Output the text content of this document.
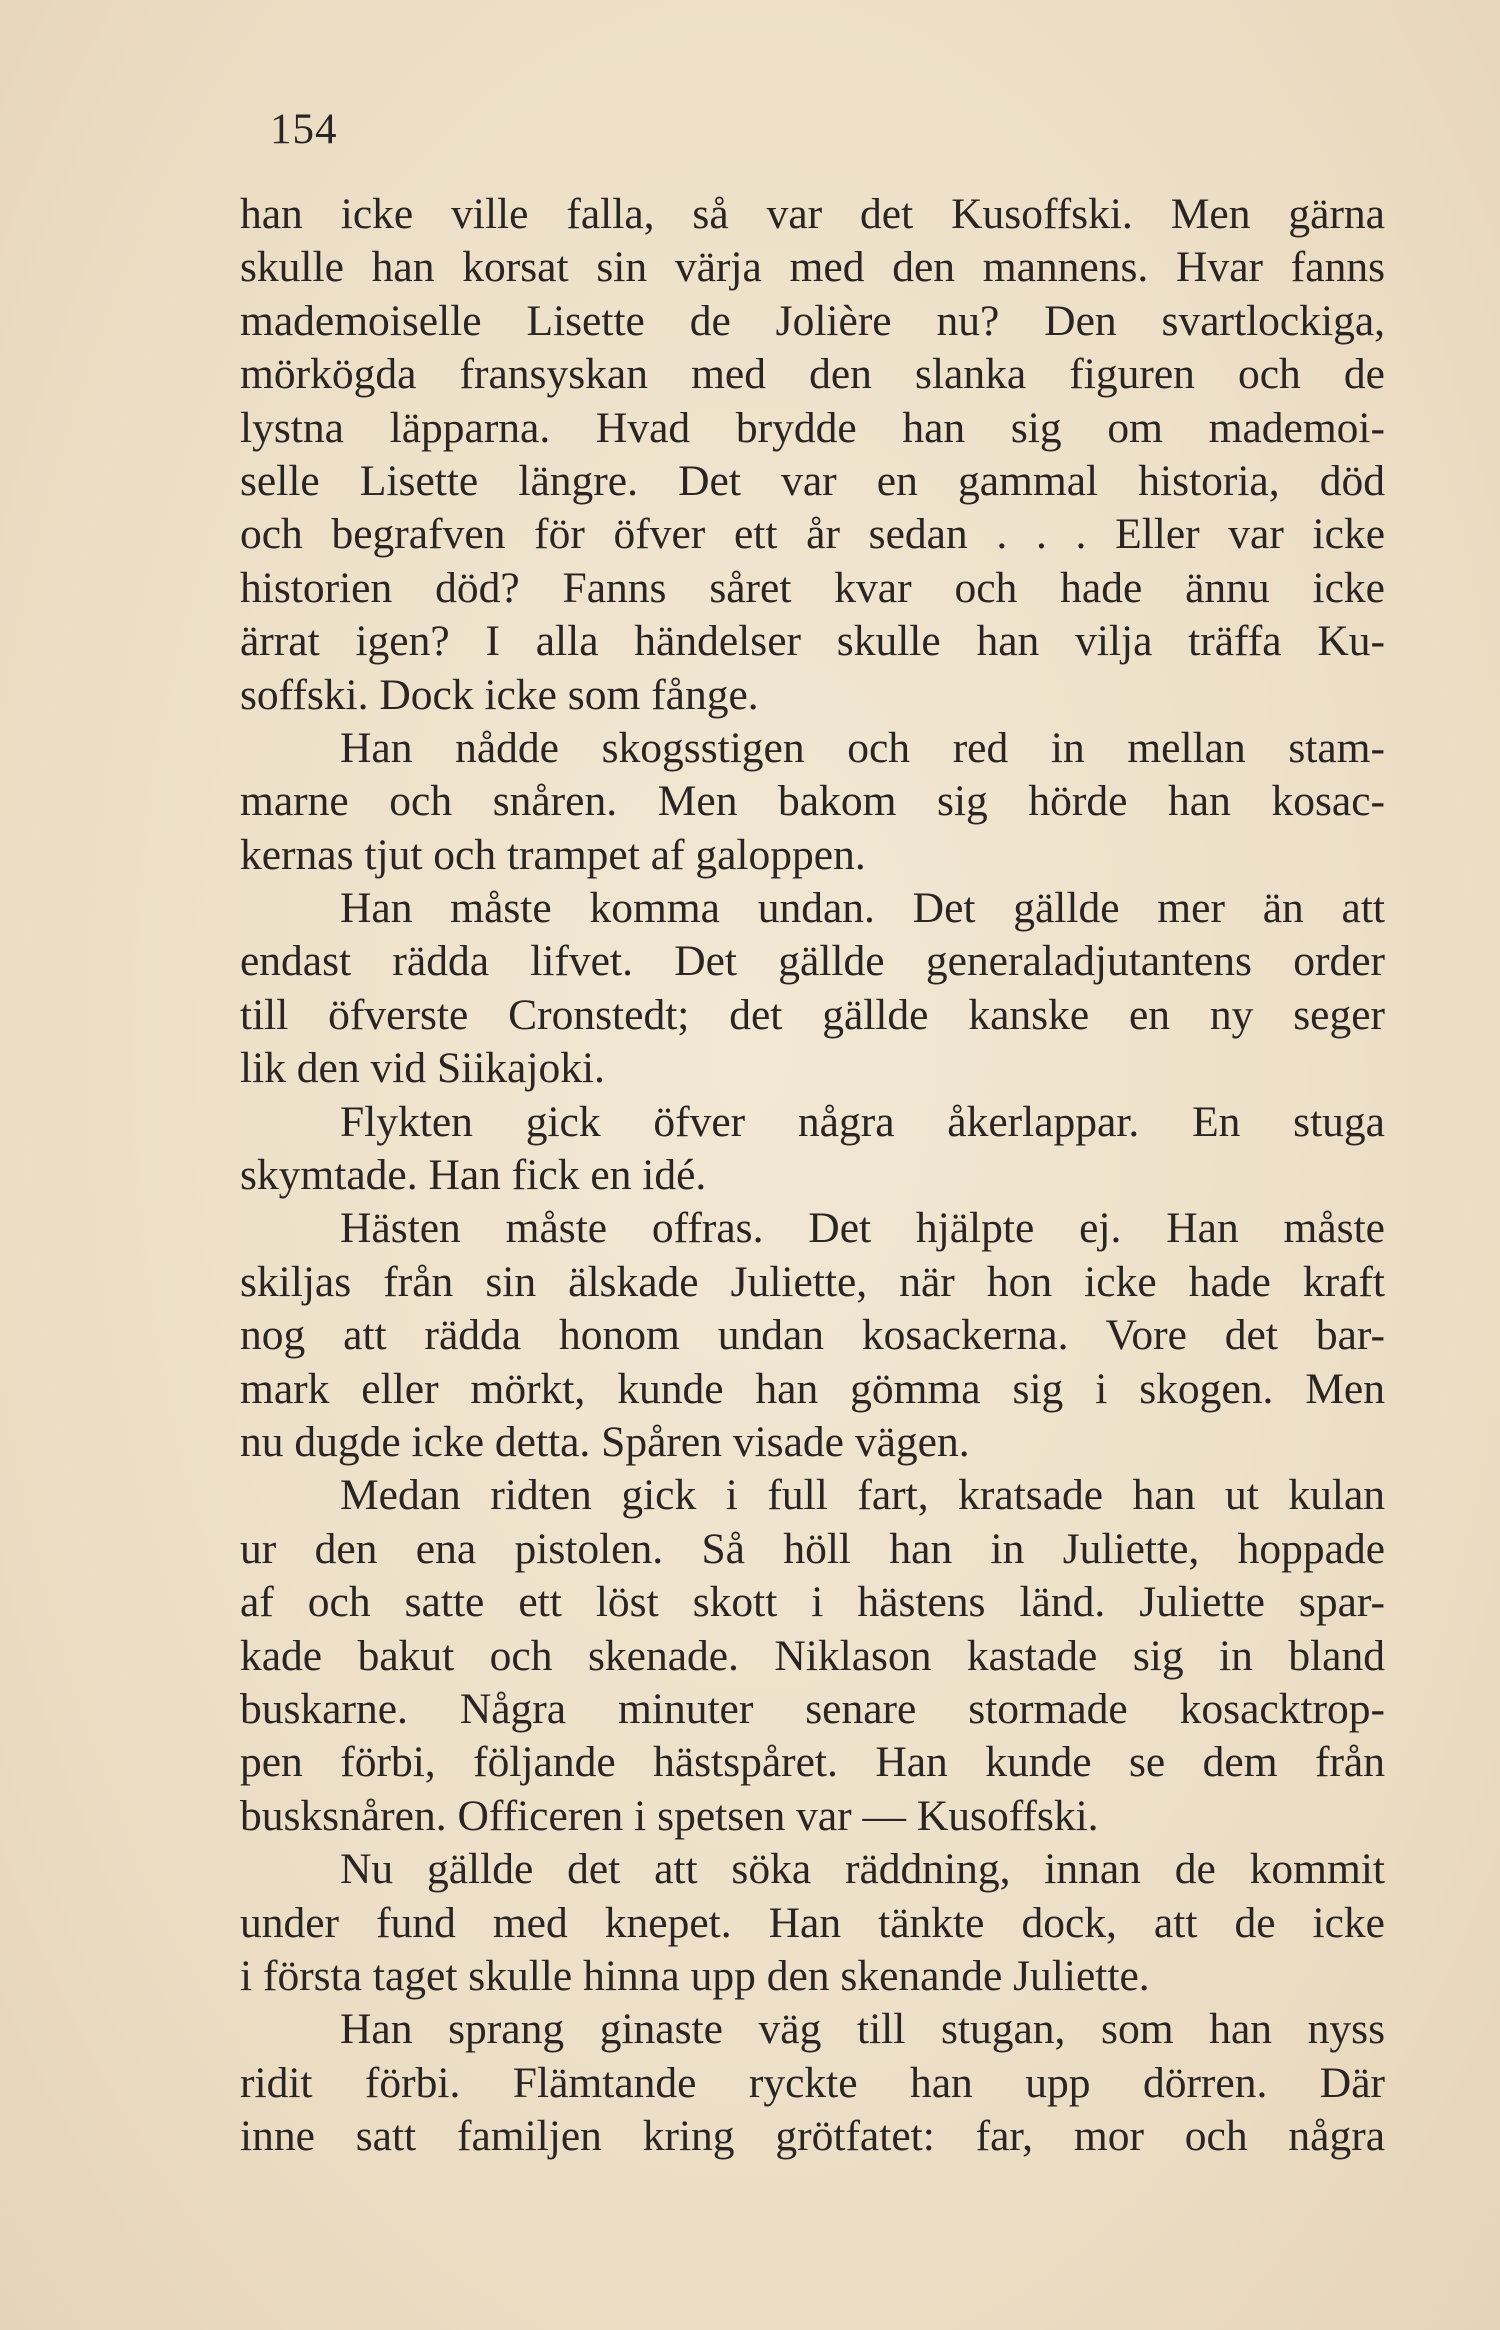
154
han icke ville falla, så var det Kusoffski. Men gärna
skulle han korsat sin värja med den mannens. Hvar fanns
mademoiselle Lisette de Jolière nu? Den svartlockiga,
mörkögda fransyskan med den slanka figuren och de
lystna läpparna. Hvad brydde han sig om mademoi-
selle Lisette längre. Det var en gammal historia, död
och begrafven för öfver ett år sedan . . . Eller var icke
historien död? Fanns såret kvar och hade ännu icke
ärrat igen? I alla händelser skulle han vilja träffa Ku-
soffski. Dock icke som fånge.
Han nådde skogsstigen och red in mellan stam-
marne och snåren. Men bakom sig hörde han kosac-
kernas tjut och trampet af galoppen.
Han måste komma undan. Det gällde mer än att
endast rädda lifvet. Det gällde generaladjutantens order
till öfverste Cronstedt; det gällde kanske en ny seger
lik den vid Siikajoki.
Flykten gick öfver några åkerlappar. En stuga
skymtade. Han fick en idé.
Hästen måste offras. Det hjälpte ej. Han måste
skiljas från sin älskade Juliette, när hon icke hade kraft
nog att rädda honom undan kosackerna. Vore det bar-
mark eller mörkt, kunde han gömma sig i skogen. Men
nu dugde icke detta. Spåren visade vägen.
Medan ridten gick i full fart, kratsade han ut kulan
ur den ena pistolen. Så höll han in Juliette, hoppade
af och satte ett löst skott i hästens länd. Juliette spar-
kade bakut och skenade. Niklason kastade sig in bland
buskarne. Några minuter senare stormade kosacktrop-
pen förbi, följande hästspåret. Han kunde se dem från
busksnåren. Officeren i spetsen var — Kusoffski.
Nu gällde det att söka räddning, innan de kommit
under fund med knepet. Han tänkte dock, att de icke
i första taget skulle hinna upp den skenande Juliette.
Han sprang ginaste väg till stugan, som han nyss
ridit förbi. Flämtande ryckte han upp dörren. Där
inne satt familjen kring grötfatet: far, mor och några
